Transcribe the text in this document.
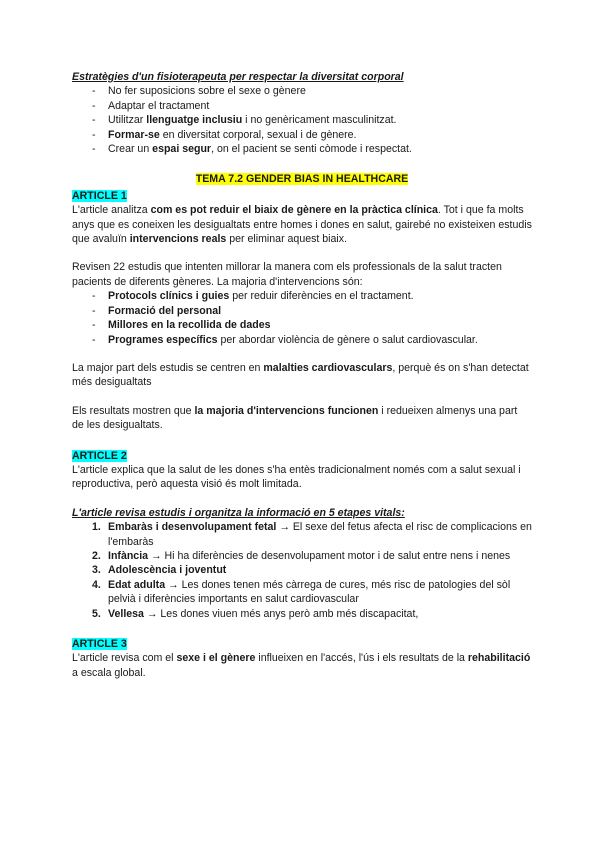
Estratègies d'un fisioterapeuta per respectar la diversitat corporal

- No fer suposicions sobre el sexe o gènere
- Adaptar el tractament
- Utilitzar llenguatge inclusiu i no genèricament masculinitzat.
- Formar-se en diversitat corporal, sexual i de gènere.
- Crear un espai segur, on el pacient se senti còmode i respectat.

TEMA 7.2 GENDER BIAS IN HEALTHCARE

ARTICLE 1

L'article analitza com es pot reduir el biaix de gènere en la pràctica clínica. Tot i que fa molts anys que es coneixen les desigualtats entre homes i dones en salut, gairebé no existeixen estudis que avaluïn intervencions reals per eliminar aquest biaix.

Revisen 22 estudis que intenten millorar la manera com els professionals de la salut tracten pacients de diferents gèneres. La majoria d'intervencions són:

- Protocols clínics i guies per reduir diferències en el tractament.
- Formació del personal
- Millores en la recollida de dades
- Programes específics per abordar violència de gènere o salut cardiovascular.

La major part dels estudis se centren en malalties cardiovasculars, perquè és on s'han detectat més desigualtats

Els resultats mostren que la majoria d'intervencions funcionen i redueixen almenys una part de les desigualtats.

ARTICLE 2

L'article explica que la salut de les dones s'ha entès tradicionalment només com a salut sexual i reproductiva, però aquesta visió és molt limitada.

L'article revisa estudis i organitza la informació en 5 etapes vitals:

1. Embaràs i desenvolupament fetal → El sexe del fetus afecta el risc de complicacions en l'embaràs
2. Infància → Hi ha diferències de desenvolupament motor i de salut entre nens i nenes
3. Adolescència i joventut
4. Edat adulta → Les dones tenen més càrrega de cures, més risc de patologies del sòl pelvià i diferències importants en salut cardiovascular
5. Vellesa → Les dones viuen més anys però amb més discapacitat,

ARTICLE 3

L'article revisa com el sexe i el gènere influeixen en l'accés, l'ús i els resultats de la rehabilitació a escala global.
